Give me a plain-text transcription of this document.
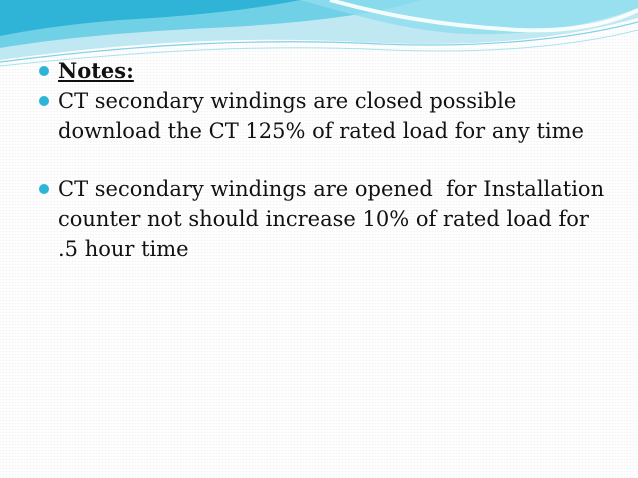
Notes:
CT secondary windings are closed possible
download the CT 125% of rated load for any time
CT secondary windings are opened  for Installation
counter not should increase 10% of rated load for
.5 hour time
